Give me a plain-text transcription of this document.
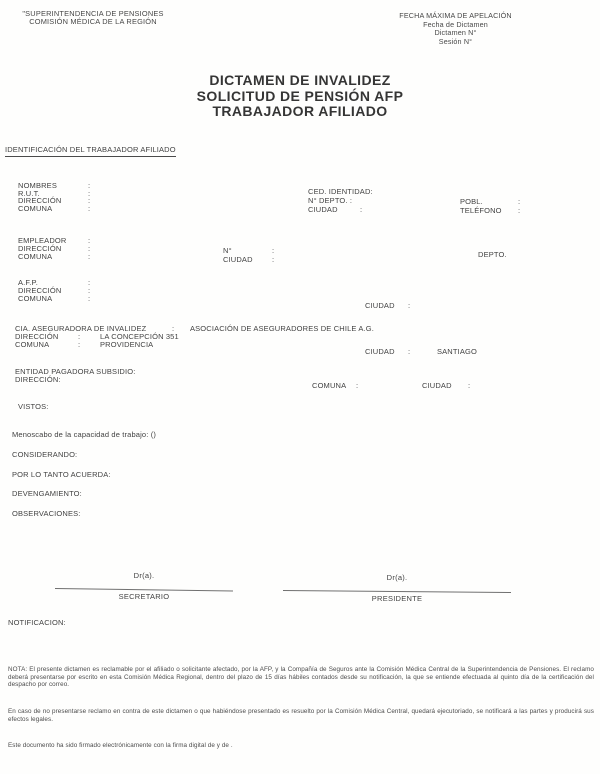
"SUPERINTENDENCIA DE PENSIONES
COMISIÓN MÉDICA DE LA REGIÓN
FECHA MÁXIMA DE APELACIÓN
Fecha de Dictamen
Dictamen N°
Sesión N°
DICTAMEN DE INVALIDEZ
SOLICITUD DE PENSIÓN AFP
TRABAJADOR AFILIADO
IDENTIFICACIÓN DEL TRABAJADOR AFILIADO
NOMBRES	:
R.U.T.	:
DIRECCIÓN	:
COMUNA	:
CED. IDENTIDAD:
N° DEPTO. :
CIUDAD	:
POBL.	:
TELÉFONO :
EMPLEADOR	:
DIRECCIÓN	:
COMUNA	:
N°	:
CIUDAD	:
DEPTO.
A.F.P.	:
DIRECCIÓN	:
COMUNA	:
CIUDAD :
CIA. ASEGURADORA DE INVALIDEZ	: ASOCIACIÓN DE ASEGURADORES DE CHILE A.G.
DIRECCIÓN	:	LA CONCEPCIÓN 351
COMUNA	:	PROVIDENCIA
CIUDAD :	SANTIAGO
ENTIDAD PAGADORA SUBSIDIO:
DIRECCIÓN:
COMUNA :	CIUDAD :
VISTOS:
Menoscabo de la capacidad de trabajo: ()
CONSIDERANDO:
POR LO TANTO ACUERDA:
DEVENGAMIENTO:
OBSERVACIONES:
Dr(a).
SECRETARIO
Dr(a).
PRESIDENTE
NOTIFICACION:
NOTA: El presente dictamen es reclamable por el afiliado o solicitante afectado, por la AFP, y la Compañía de Seguros ante la Comisión Médica Central de la Superintendencia de Pensiones. El reclamo deberá presentarse por escrito en esta Comisión Médica Regional, dentro del plazo de 15 días hábiles contados desde su notificación, la que se entiende efectuada al quinto día de la certificación del despacho por correo.
En caso de no presentarse reclamo en contra de este dictamen o que habiéndose presentado es resuelto por la Comisión Médica Central, quedará ejecutoriado, se notificará a las partes y producirá sus efectos legales.
Este documento ha sido firmado electrónicamente con la firma digital de y de .
